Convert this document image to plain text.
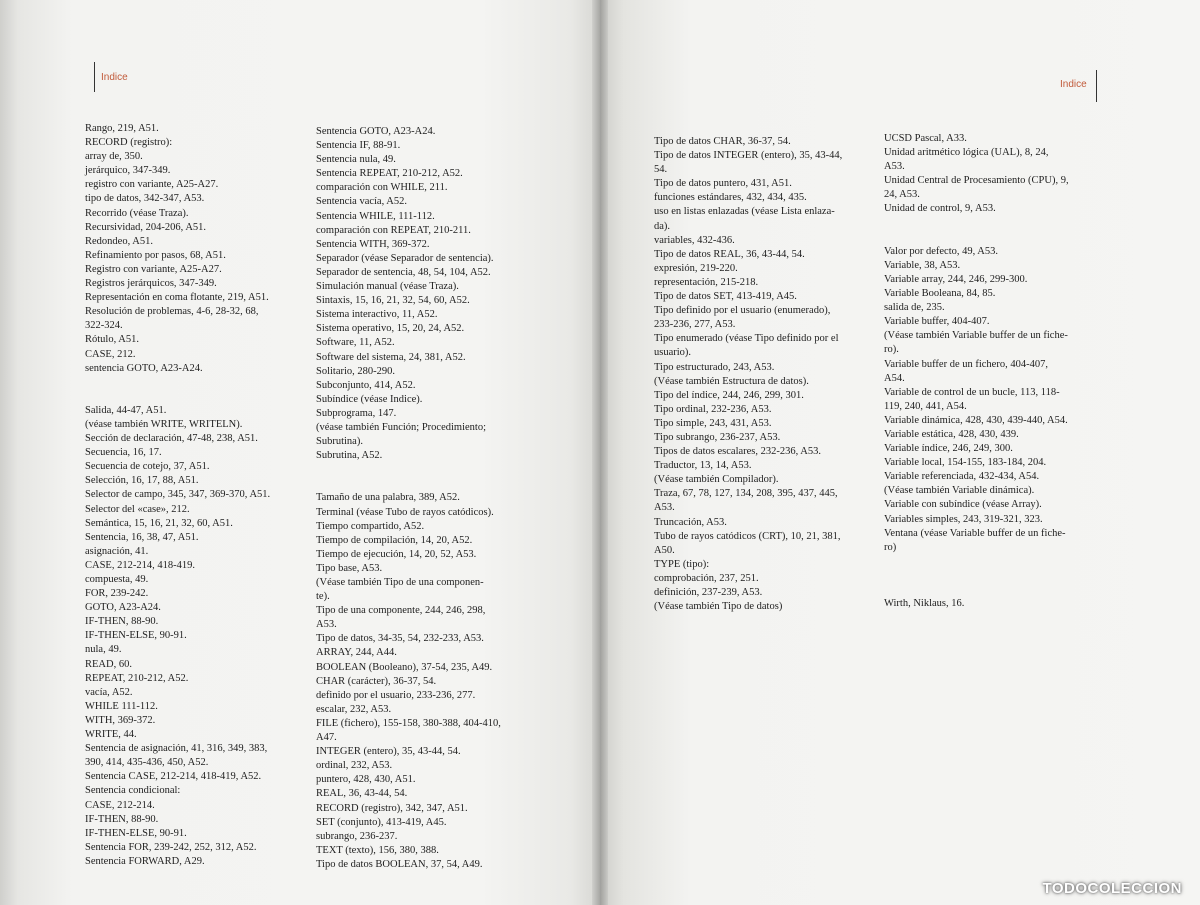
Indice
Rango, 219, A51.
RECORD (registro):
array de, 350.
jerárquico, 347-349.
registro con variante, A25-A27.
tipo de datos, 342-347, A53.
Recorrido (véase Traza).
Recursividad, 204-206, A51.
Redondeo, A51.
Refinamiento por pasos, 68, A51.
Registro con variante, A25-A27.
Registros jerárquicos, 347-349.
Representación en coma flotante, 219, A51.
Resolución de problemas, 4-6, 28-32, 68,
322-324.
Rótulo, A51.
CASE, 212.
sentencia GOTO, A23-A24.
Salida, 44-47, A51.
(véase también WRITE, WRITELN).
Sección de declaración, 47-48, 238, A51.
Secuencia, 16, 17.
Secuencia de cotejo, 37, A51.
Selección, 16, 17, 88, A51.
Selector de campo, 345, 347, 369-370, A51.
Selector del «case», 212.
Semántica, 15, 16, 21, 32, 60, A51.
Sentencia, 16, 38, 47, A51.
asignación, 41.
CASE, 212-214, 418-419.
compuesta, 49.
FOR, 239-242.
GOTO, A23-A24.
IF-THEN, 88-90.
IF-THEN-ELSE, 90-91.
nula, 49.
READ, 60.
REPEAT, 210-212, A52.
vacía, A52.
WHILE 111-112.
WITH, 369-372.
WRITE, 44.
Sentencia de asignación, 41, 316, 349, 383,
390, 414, 435-436, 450, A52.
Sentencia CASE, 212-214, 418-419, A52.
Sentencia condicional:
CASE, 212-214.
IF-THEN, 88-90.
IF-THEN-ELSE, 90-91.
Sentencia FOR, 239-242, 252, 312, A52.
Sentencia FORWARD, A29.
Sentencia GOTO, A23-A24.
Sentencia IF, 88-91.
Sentencia nula, 49.
Sentencia REPEAT, 210-212, A52.
comparación con WHILE, 211.
Sentencia vacía, A52.
Sentencia WHILE, 111-112.
comparación con REPEAT, 210-211.
Sentencia WITH, 369-372.
Separador (véase Separador de sentencia).
Separador de sentencia, 48, 54, 104, A52.
Simulación manual (véase Traza).
Sintaxis, 15, 16, 21, 32, 54, 60, A52.
Sistema interactivo, 11, A52.
Sistema operativo, 15, 20, 24, A52.
Software, 11, A52.
Software del sistema, 24, 381, A52.
Solitario, 280-290.
Subconjunto, 414, A52.
Subíndice (véase Indice).
Subprograma, 147.
(véase también Función; Procedimiento;
Subrutina).
Subrutina, A52.
Tamaño de una palabra, 389, A52.
Terminal (véase Tubo de rayos catódicos).
Tiempo compartido, A52.
Tiempo de compilación, 14, 20, A52.
Tiempo de ejecución, 14, 20, 52, A53.
Tipo base, A53.
(Véase también Tipo de una componen-
te).
Tipo de una componente, 244, 246, 298,
A53.
Tipo de datos, 34-35, 54, 232-233, A53.
ARRAY, 244, A44.
BOOLEAN (Booleano), 37-54, 235, A49.
CHAR (carácter), 36-37, 54.
definido por el usuario, 233-236, 277.
escalar, 232, A53.
FILE (fichero), 155-158, 380-388, 404-410,
A47.
INTEGER (entero), 35, 43-44, 54.
ordinal, 232, A53.
puntero, 428, 430, A51.
REAL, 36, 43-44, 54.
RECORD (registro), 342, 347, A51.
SET (conjunto), 413-419, A45.
subrango, 236-237.
TEXT (texto), 156, 380, 388.
Tipo de datos BOOLEAN, 37, 54, A49.
Indice
Tipo de datos CHAR, 36-37, 54.
Tipo de datos INTEGER (entero), 35, 43-44,
54.
Tipo de datos puntero, 431, A51.
funciones estándares, 432, 434, 435.
uso en listas enlazadas (véase Lista enlaza-
da).
variables, 432-436.
Tipo de datos REAL, 36, 43-44, 54.
expresión, 219-220.
representación, 215-218.
Tipo de datos SET, 413-419, A45.
Tipo definido por el usuario (enumerado),
233-236, 277, A53.
Tipo enumerado (véase Tipo definido por el
usuario).
Tipo estructurado, 243, A53.
(Véase también Estructura de datos).
Tipo del índice, 244, 246, 299, 301.
Tipo ordinal, 232-236, A53.
Tipo simple, 243, 431, A53.
Tipo subrango, 236-237, A53.
Tipos de datos escalares, 232-236, A53.
Traductor, 13, 14, A53.
(Véase también Compilador).
Traza, 67, 78, 127, 134, 208, 395, 437, 445,
A53.
Truncación, A53.
Tubo de rayos catódicos (CRT), 10, 21, 381,
A50.
TYPE (tipo):
comprobación, 237, 251.
definición, 237-239, A53.
(Véase también Tipo de datos)
UCSD Pascal, A33.
Unidad aritmético lógica (UAL), 8, 24,
A53.
Unidad Central de Procesamiento (CPU), 9,
24, A53.
Unidad de control, 9, A53.
Valor por defecto, 49, A53.
Variable, 38, A53.
Variable array, 244, 246, 299-300.
Variable Booleana, 84, 85.
salida de, 235.
Variable buffer, 404-407.
(Véase también Variable buffer de un fiche-
ro).
Variable buffer de un fichero, 404-407,
A54.
Variable de control de un bucle, 113, 118-
119, 240, 441, A54.
Variable dinámica, 428, 430, 439-440, A54.
Variable estática, 428, 430, 439.
Variable índice, 246, 249, 300.
Variable local, 154-155, 183-184, 204.
Variable referenciada, 432-434, A54.
(Véase también Variable dinámica).
Variable con subíndice (véase Array).
Variables simples, 243, 319-321, 323.
Ventana (véase Variable buffer de un fiche-
ro)
Wirth, Niklaus, 16.
TODOCOLECCION
